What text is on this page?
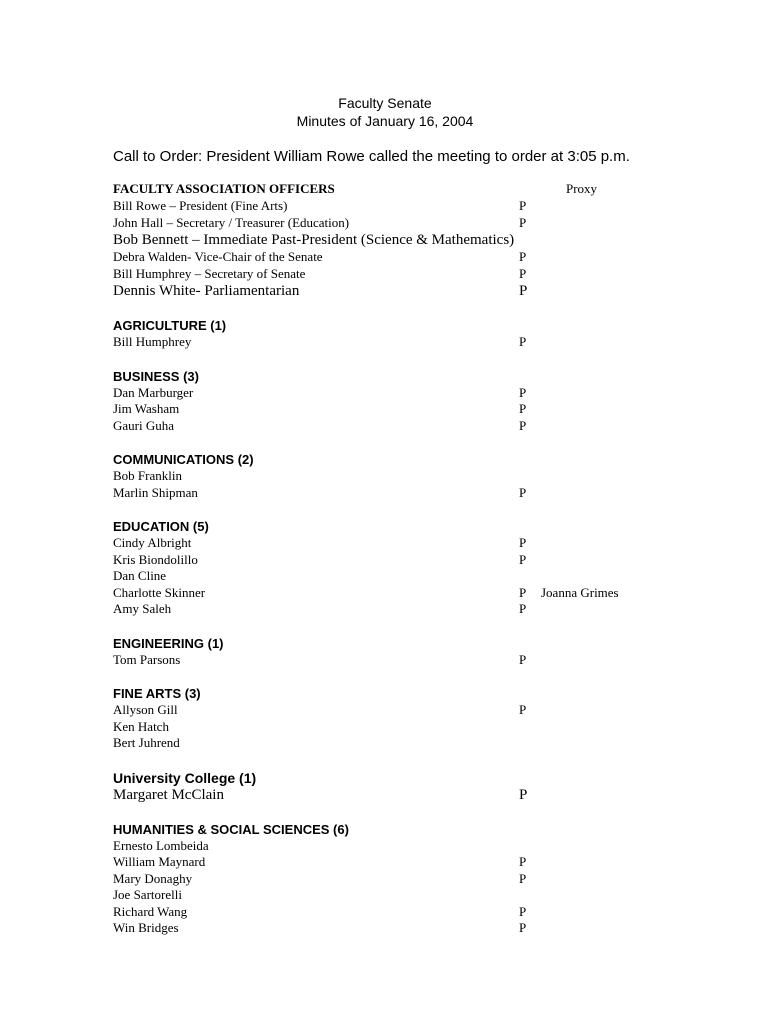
Faculty Senate
Minutes of January 16, 2004
Call to Order: President William Rowe called the meeting to order at 3:05 p.m.
FACULTY ASSOCIATION OFFICERS	Proxy
Bill Rowe – President (Fine Arts)	P
John Hall – Secretary / Treasurer (Education)	P
Bob Bennett – Immediate Past-President (Science & Mathematics)
Debra Walden- Vice-Chair of the Senate	P
Bill Humphrey – Secretary of Senate	P
Dennis White- Parliamentarian	P
AGRICULTURE (1)
Bill Humphrey	P
BUSINESS (3)
Dan Marburger	P
Jim Washam	P
Gauri Guha	P
COMMUNICATIONS (2)
Bob Franklin
Marlin Shipman	P
EDUCATION (5)
Cindy Albright	P
Kris Biondolillo	P
Dan Cline
Charlotte Skinner	P Joanna Grimes
Amy Saleh	P
ENGINEERING (1)
Tom Parsons	P
FINE ARTS (3)
Allyson Gill	P
Ken Hatch
Bert Juhrend
University College (1)
Margaret McClain	P
HUMANITIES & SOCIAL SCIENCES (6)
Ernesto Lombeida
William Maynard	P
Mary Donaghy	P
Joe Sartorelli
Richard Wang	P
Win Bridges	P
